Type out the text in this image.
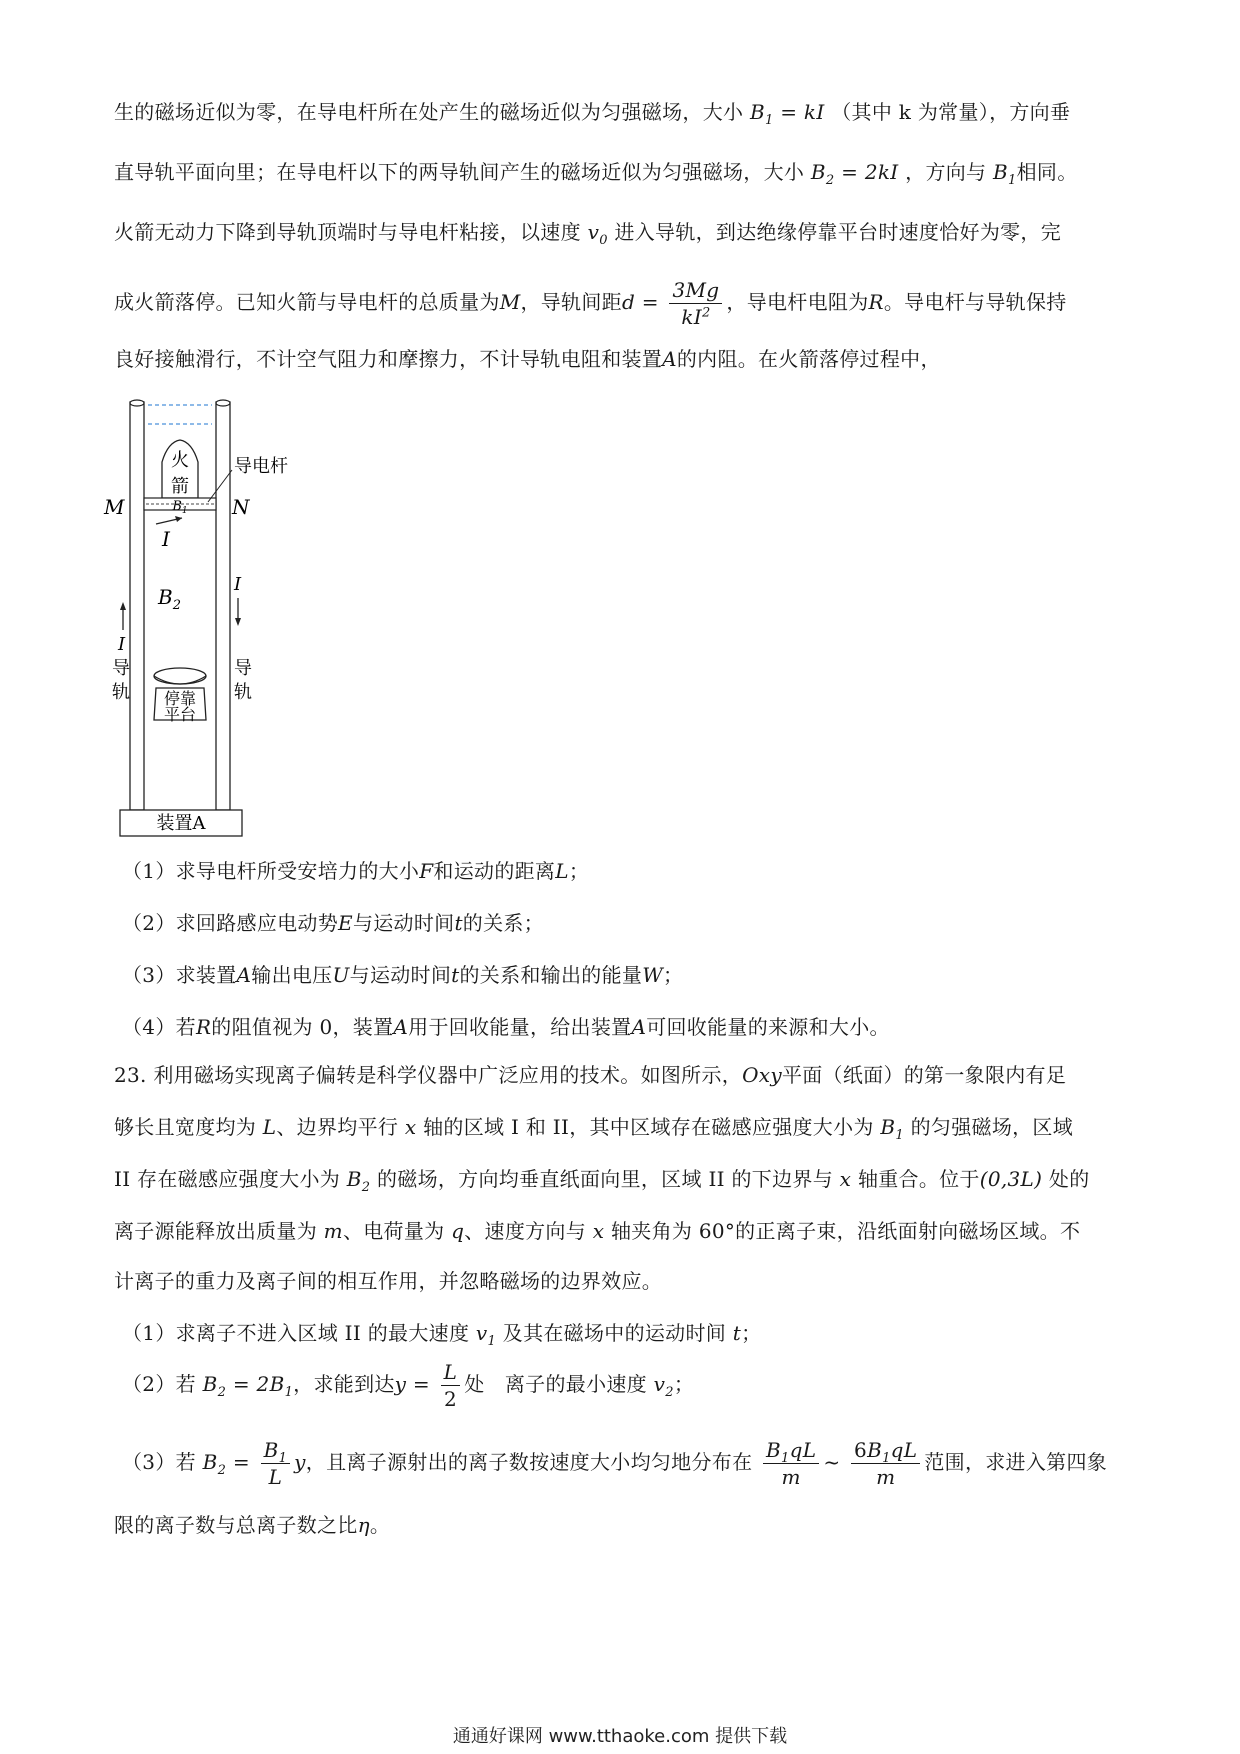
生的磁场近似为零，在导电杆所在处产生的磁场近似为匀强磁场，大小 $B_1$ = kI （其中 k 为常量），方向垂
直导轨平面向里；在导电杆以下的两导轨间产生的磁场近似为匀强磁场，大小 $B_2 = 2kI$ ，方向与 $B_1$相同。
火箭无动力下降到导轨顶端时与导电杆粘接，以速度 $v_0$ 进入导轨，到达绝缘停靠平台时速度恰好为零，完
成火箭落停。已知火箭与导电杆的总质量为M，导轨间距$d = \frac{3Mg}{kI^2}$ ，导电杆电阻为R。导电杆与导轨保持
良好接触滑行，不计空气阻力和摩擦力，不计导轨电阻和装置A的内阻。在火箭落停过程中，
火
箭
$B_1$
导电杆
M	N
I
I
I
$B_2$
导
轨
导
轨
停靠
平台
装置A
（1）求导电杆所受安培力的大小F和运动的距离L；
（2）求回路感应电动势E与运动时间t的关系；
（3）求装置A输出电压U与运动时间t的关系和输出的能量W；
（4）若R的阻值视为 0，装置A用于回收能量，给出装置A可回收能量的来源和大小。
23. 利用磁场实现离子偏转是科学仪器中广泛应用的技术。如图所示，Oxy平面（纸面）的第一象限内有足
够长且宽度均为 L、边界均平行 x 轴的区域 I 和 II，其中区域存在磁感应强度大小为 $B_1$ 的匀强磁场，区域
II 存在磁感应强度大小为 $B_2$ 的磁场，方向均垂直纸面向里，区域 II 的下边界与 x 轴重合。位于(0,3L) 处的
离子源能释放出质量为 m、电荷量为 q、速度方向与 x 轴夹角为 60°的正离子束，沿纸面射向磁场区域。不
计离子的重力及离子间的相互作用，并忽略磁场的边界效应。
（1）求离子不进入区域 II 的最大速度 $v_1$ 及其在磁场中的运动时间 t；
（2）若 $B_2 = 2B_1$，求能到达$y = \frac{L}{2}$ 处　离子的最小速度 $v_2$；
（3）若 $B_2 = \frac{B_1}{L}$ y，且离子源射出的离子数按速度大小均匀地分布在 $\frac{B_1qL}{m}$ ~ $\frac{6B_1qL}{m}$ 范围，求进入第四象
限的离子数与总离子数之比η。
通通好课网 www.tthaoke.com 提供下载
